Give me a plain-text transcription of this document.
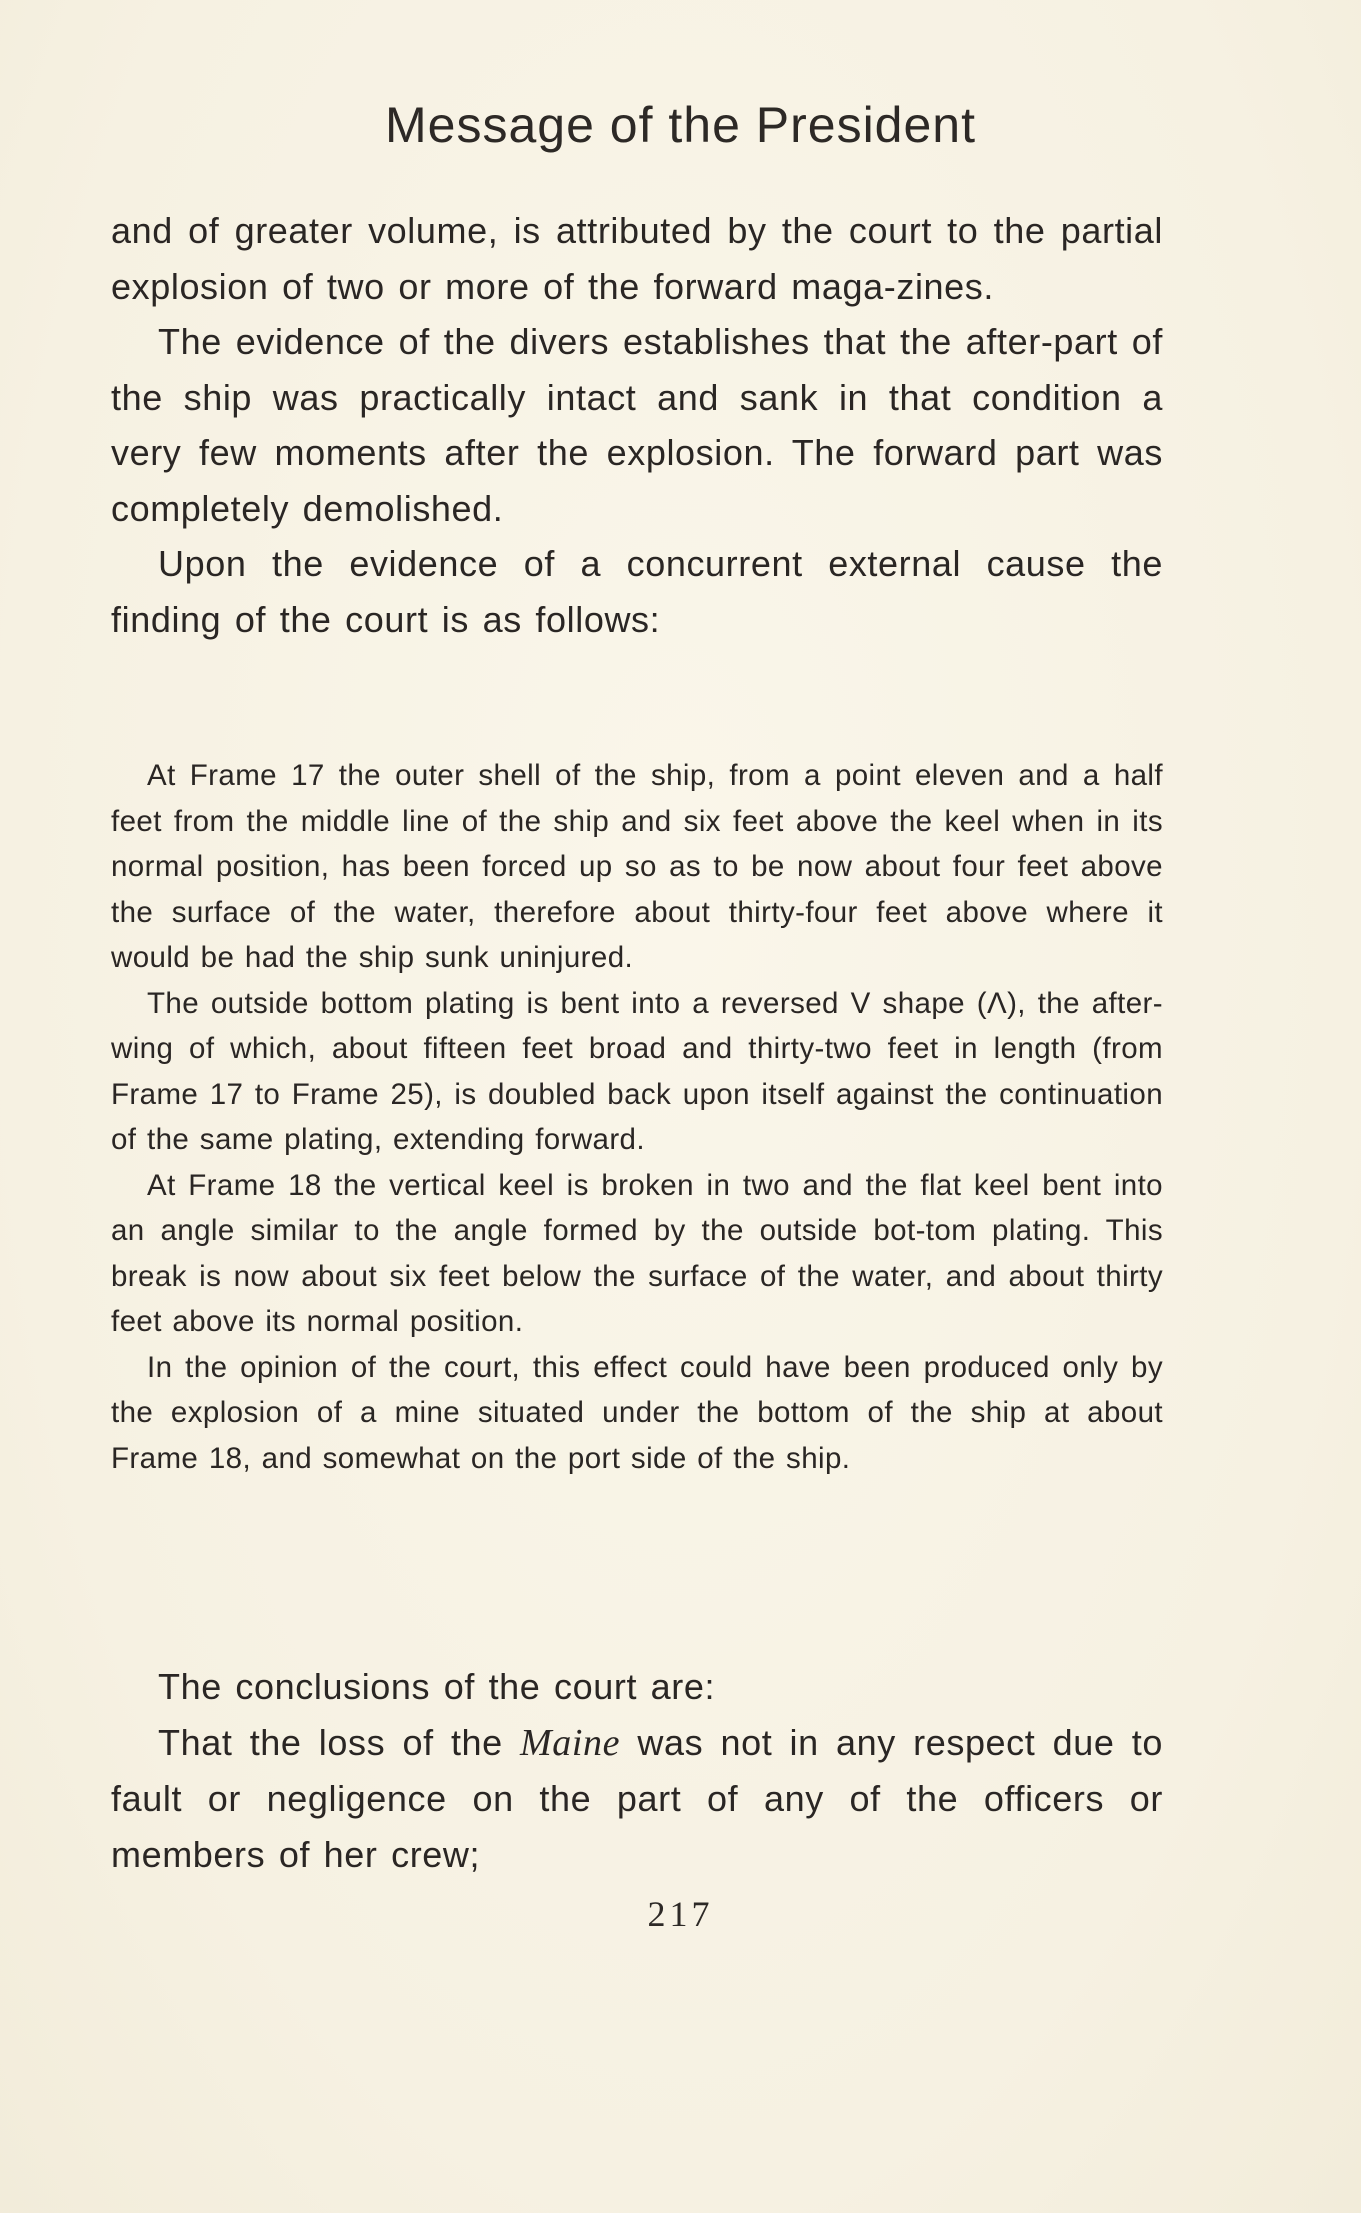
Message of the President

and of greater volume, is attributed by the court to the partial explosion of two or more of the forward maga-zines.

The evidence of the divers establishes that the after-part of the ship was practically intact and sank in that condition a very few moments after the explosion. The forward part was completely demolished.

Upon the evidence of a concurrent external cause the finding of the court is as follows:

At Frame 17 the outer shell of the ship, from a point eleven and a half feet from the middle line of the ship and six feet above the keel when in its normal position, has been forced up so as to be now about four feet above the surface of the water, therefore about thirty-four feet above where it would be had the ship sunk uninjured.

The outside bottom plating is bent into a reversed V shape (Λ), the after-wing of which, about fifteen feet broad and thirty-two feet in length (from Frame 17 to Frame 25), is doubled back upon itself against the continuation of the same plating, extending forward.

At Frame 18 the vertical keel is broken in two and the flat keel bent into an angle similar to the angle formed by the outside bot-tom plating. This break is now about six feet below the surface of the water, and about thirty feet above its normal position.

In the opinion of the court, this effect could have been produced only by the explosion of a mine situated under the bottom of the ship at about Frame 18, and somewhat on the port side of the ship.

The conclusions of the court are:

That the loss of the Maine was not in any respect due to fault or negligence on the part of any of the officers or members of her crew;

217
